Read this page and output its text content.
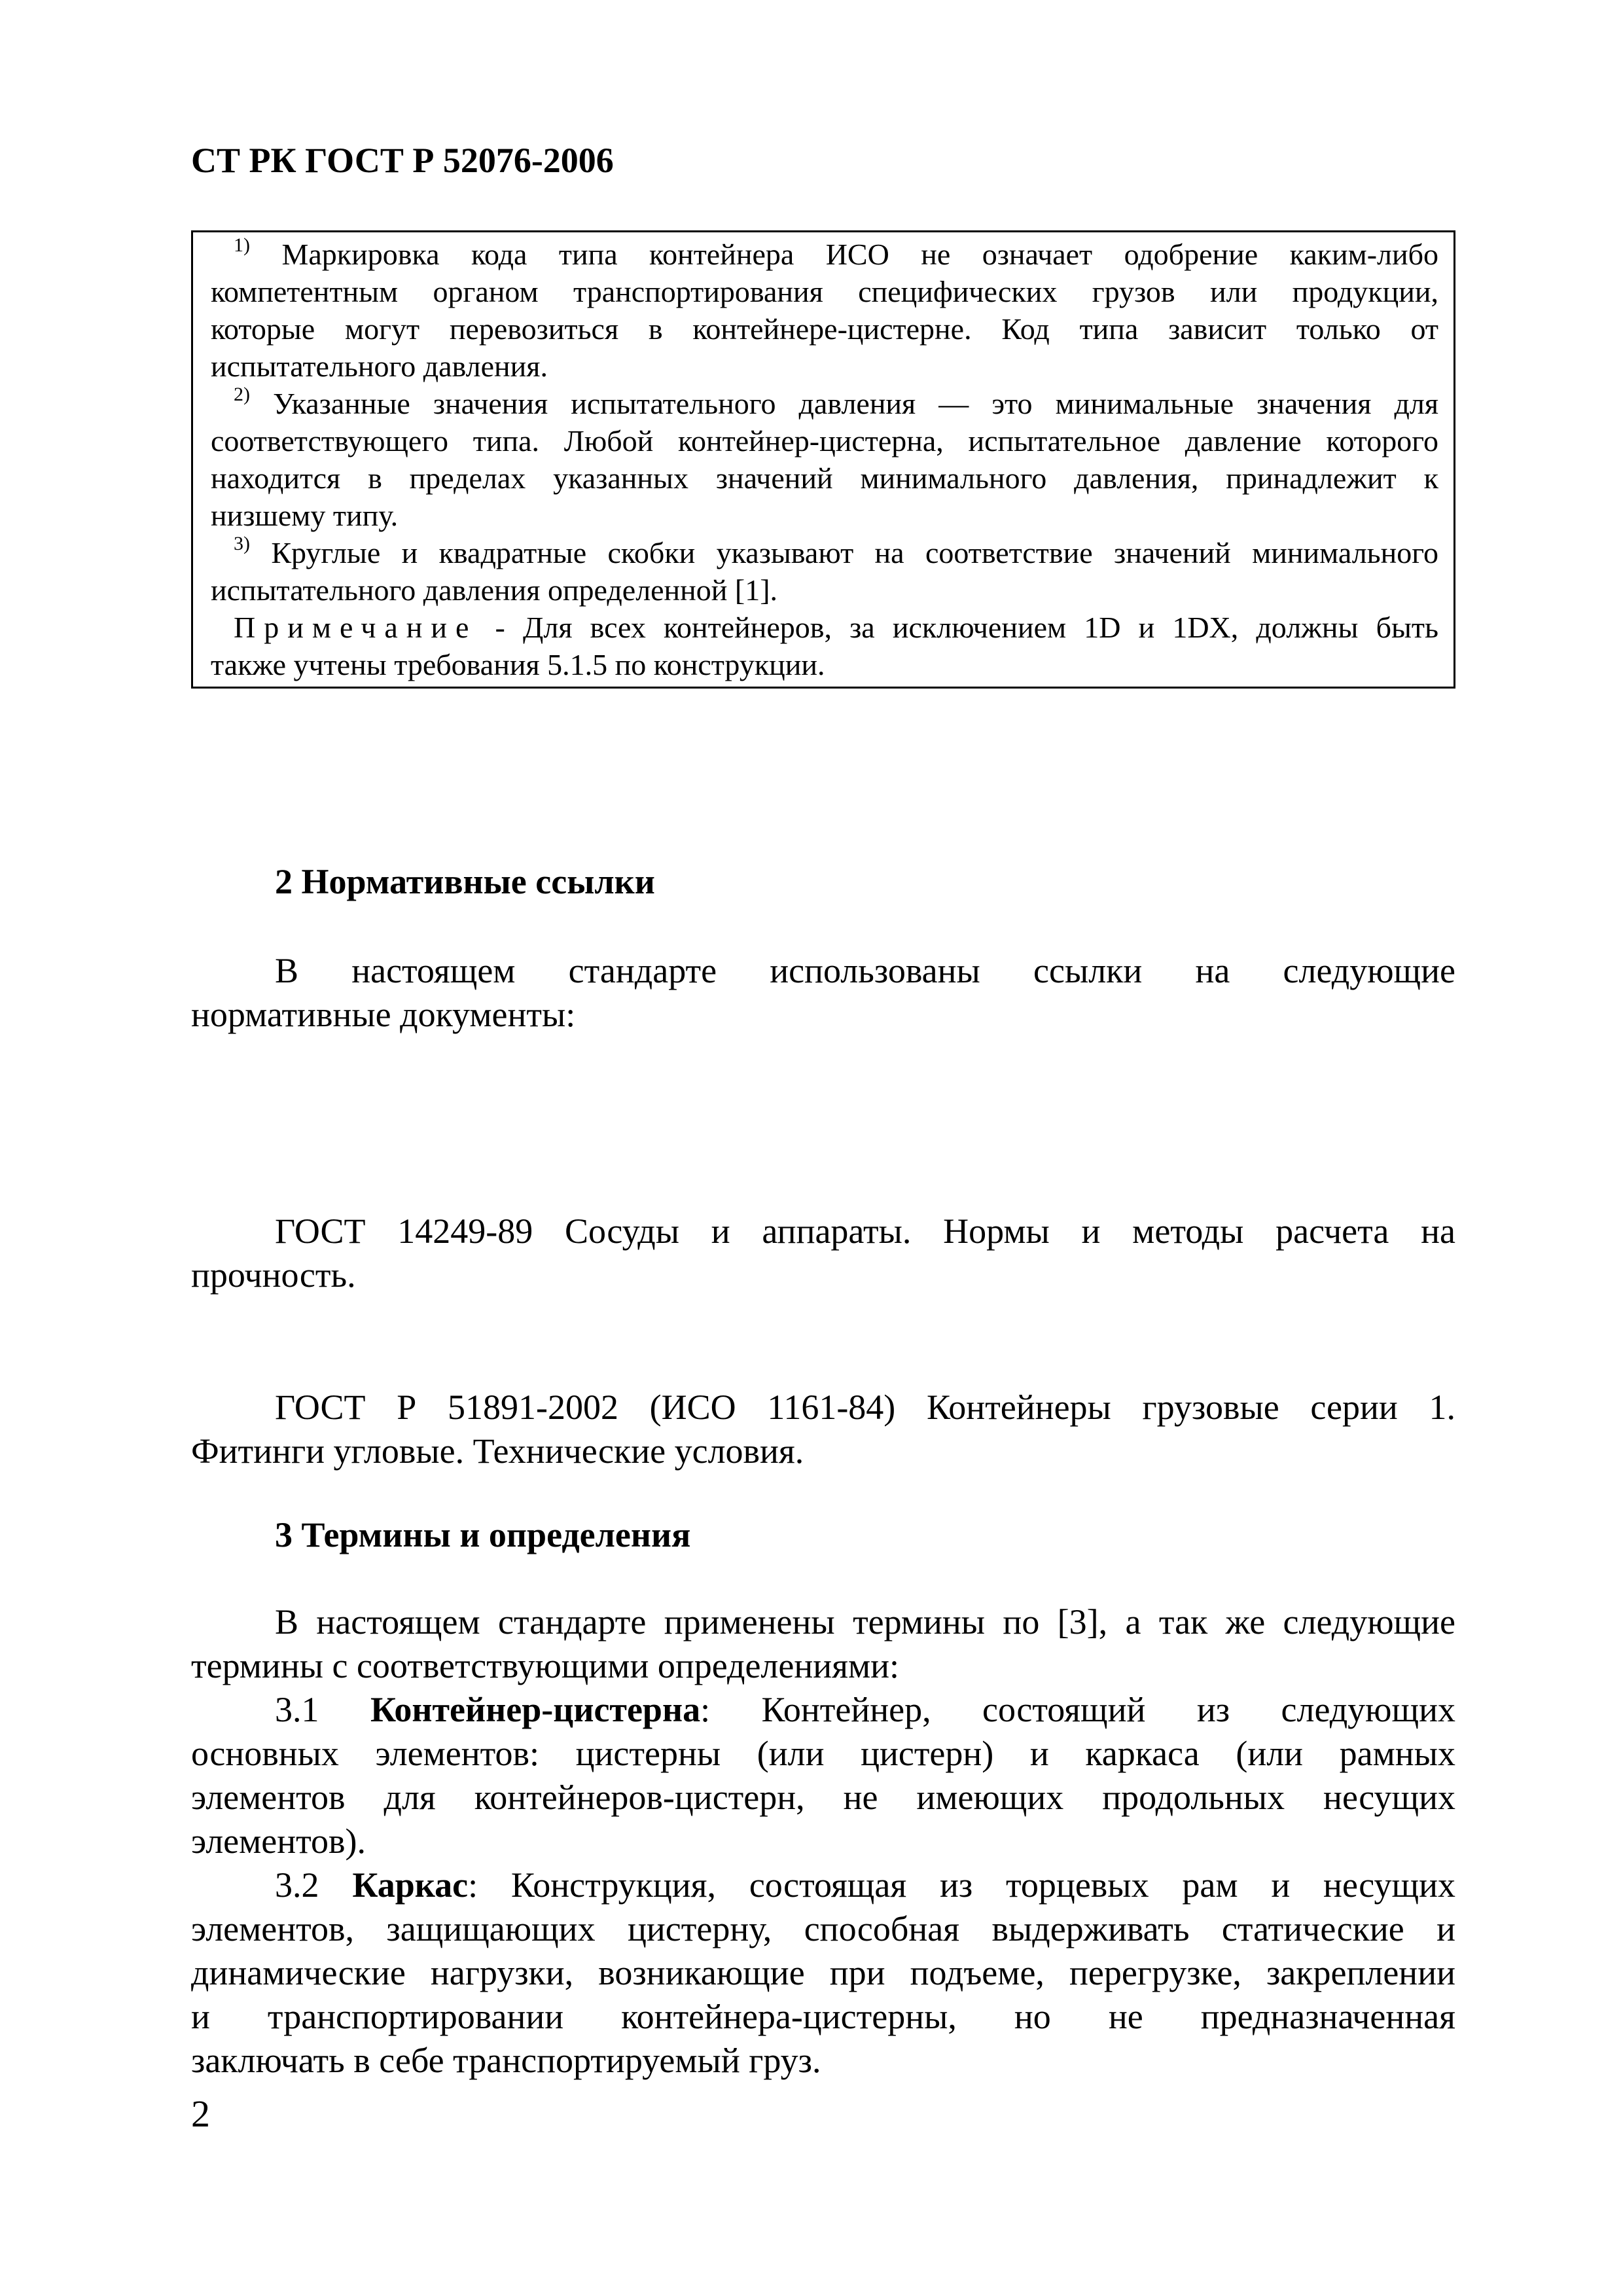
СТ РК ГОСТ Р 52076-2006
$^{1)}$ Маркировка кода типа контейнера ИСО не означает одобрение каким-либо
компетентным органом транспортирования специфических грузов или продукции,
которые могут перевозиться в контейнере-цистерне. Код типа зависит только от
испытательного давления.
$^{2)}$ Указанные значения испытательного давления — это минимальные значения для
соответствующего типа. Любой контейнер-цистерна, испытательное давление которого
находится в пределах указанных значений минимального давления, принадлежит к
низшему типу.
$^{3)}$ Круглые и квадратные скобки указывают на соответствие значений минимального
испытательного давления определенной [1].
Примечание - Для всех контейнеров, за исключением 1D и 1DX, должны быть
также учтены требования 5.1.5 по конструкции.
2 Нормативные ссылки
В настоящем стандарте использованы ссылки на следующие
нормативные документы:
ГОСТ 14249-89 Сосуды и аппараты. Нормы и методы расчета на
прочность.
ГОСТ Р 51891-2002 (ИСО 1161-84) Контейнеры грузовые серии 1.
Фитинги угловые. Технические условия.
3 Термины и определения
В настоящем стандарте применены термины по [3], а так же следующие
термины с соответствующими определениями:
3.1 Контейнер-цистерна: Контейнер, состоящий из следующих
основных элементов: цистерны (или цистерн) и каркаса (или рамных
элементов для контейнеров-цистерн, не имеющих продольных несущих
элементов).
3.2 Каркас: Конструкция, состоящая из торцевых рам и несущих
элементов, защищающих цистерну, способная выдерживать статические и
динамические нагрузки, возникающие при подъеме, перегрузке, закреплении
и транспортировании контейнера-цистерны, но не предназначенная
заключать в себе транспортируемый груз.
2
